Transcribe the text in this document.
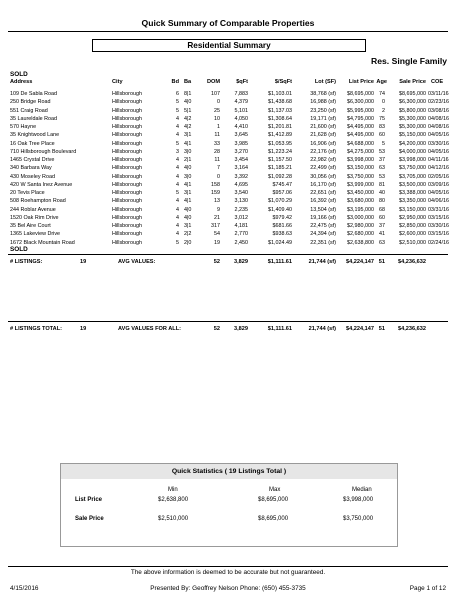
Quick Summary of Comparable Properties
Residential Summary
Res. Single Family
SOLD
Address	City	Bd Ba	DOM	$qFt	$/SqFt	Lot (SF)	List Price Age	Sale Price COE
109 De Sabla Road	Hillsborough	6 8|1	107	7,883	$1,103.01	38,768 (sf)	$8,695,000 74	$8,695,000 03/11/16
250 Bridge Road	Hillsborough	5 4|0	0	4,379	$1,438.68	16,988 (sf)	$6,300,000	0	$6,300,000 02/23/16
551 Craig Road	Hillsborough	5 5|1	25	5,101	$1,137.03	23,250 (sf)	$5,995,000	2	$5,800,000 03/08/16
35 Laureldale Road	Hillsborough	4 4|2	10	4,050	$1,308.64	19,171 (sf)	$4,795,000 75	$5,300,000 04/08/16
570 Hayne	Hillsborough	4 4|2	1	4,410	$1,201.81	21,600 (sf)	$4,495,000 83	$5,300,000 04/08/16
35 Knightwood Lane	Hillsborough	4 3|1	11	3,645	$1,412.89	21,628 (sf)	$4,495,000 60	$5,150,000 04/05/16
16 Oak Tree Place	Hillsborough	5 4|1	33	3,985	$1,053.95	16,906 (sf)	$4,688,000	5	$4,200,000 03/30/16
710 Hillsborough Boulevard	Hillsborough	3 3|0	28	3,270	$1,223.24	22,176 (sf)	$4,275,000 53	$4,000,000 04/05/16
1465 Crystal Drive	Hillsborough	4 2|1	11	3,454	$1,157.50	22,982 (sf)	$3,998,000 37	$3,998,000 04/11/16
340 Barbara Way	Hillsborough	4 4|0	7	3,164	$1,185.21	22,499 (sf)	$3,150,000 63	$3,750,000 04/12/16
430 Moseley Road	Hillsborough	4 3|0	0	3,392	$1,092.28	30,056 (sf)	$3,750,000 53	$3,705,000 02/05/16
420 W Santa Inez Avenue	Hillsborough	4 4|1	158	4,695	$745.47	16,170 (sf)	$3,999,000 81	$3,500,000 03/09/16
20 Tevis Place	Hillsborough	5 3|1	159	3,540	$957.06	22,651 (sf)	$3,450,000 40	$3,388,000 04/05/16
508 Roehampton Road	Hillsborough	4 4|1	13	3,130	$1,070.29	16,392 (sf)	$3,680,000 80	$3,350,000 04/06/16
244 Roblar Avenue	Hillsborough	4 4|0	9	2,235	$1,409.40	13,504 (sf)	$3,195,000 68	$3,150,000 03/31/16
1520 Oak Rim Drive	Hillsborough	4 4|0	21	3,012	$979.42	19,166 (sf)	$3,000,000 60	$2,950,000 03/15/16
35 Bel Aire Court	Hillsborough	4 3|1	317	4,181	$681.66	22,475 (sf)	$2,980,000 37	$2,850,000 03/30/16
1365 Lakeview Drive	Hillsborough	4 2|2	54	2,770	$938.63	24,394 (sf)	$2,680,000 41	$2,600,000 03/15/16
1672 Black Mountain Road	Hillsborough	5 2|0	19	2,450	$1,024.49	22,351 (sf)	$2,638,800 63	$2,510,000 02/24/16
# LISTINGS:	19	AVG VALUES:	52	3,829	$1,111.61	21,744 (sf)	$4,224,147 51	$4,236,632
# LISTINGS TOTAL:	19	AVG VALUES FOR ALL:	52	3,829	$1,111.61	21,744 (sf)	$4,224,147 51	$4,236,632
Quick Statistics ( 19 Listings Total )
Min	Max	Median
List Price	$2,638,800	$8,695,000	$3,998,000
Sale Price	$2,510,000	$8,695,000	$3,750,000
SOLD
The above information is deemed to be accurate but not guaranteed.
4/15/2016	Presented By: Geoffrey Nelson Phone: (650) 455-3735	Page 1 of 12
